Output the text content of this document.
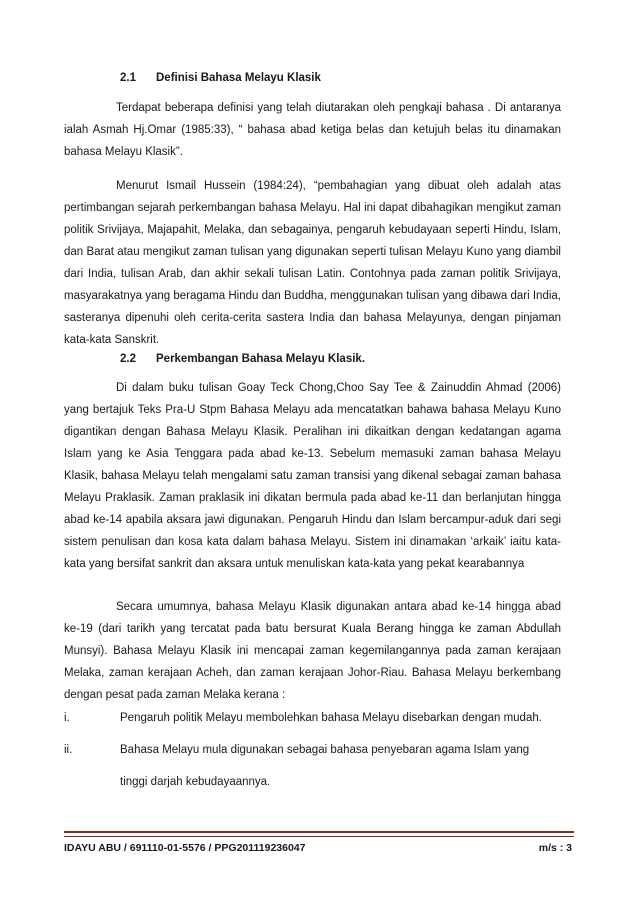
2.1 Definisi Bahasa Melayu Klasik

Terdapat beberapa definisi yang telah diutarakan oleh pengkaji bahasa . Di antaranya ialah Asmah Hj.Omar (1985:33), “ bahasa abad ketiga belas dan ketujuh belas itu dinamakan bahasa Melayu Klasik”.

Menurut Ismail Hussein (1984:24), “pembahagian yang dibuat oleh adalah atas pertimbangan sejarah perkembangan bahasa Melayu. Hal ini dapat dibahagikan mengikut zaman politik Srivijaya, Majapahit, Melaka, dan sebagainya, pengaruh kebudayaan seperti Hindu, Islam, dan Barat atau mengikut zaman tulisan yang digunakan seperti tulisan Melayu Kuno yang diambil dari India, tulisan Arab, dan akhir sekali tulisan Latin. Contohnya pada zaman politik Srivijaya, masyarakatnya yang beragama Hindu dan Buddha, menggunakan tulisan yang dibawa dari India, sasteranya dipenuhi oleh cerita-cerita sastera India dan bahasa Melayunya, dengan pinjaman kata-kata Sanskrit.

2.2 Perkembangan Bahasa Melayu Klasik.

Di dalam buku tulisan Goay Teck Chong,Choo Say Tee & Zainuddin Ahmad (2006) yang bertajuk Teks Pra-U Stpm Bahasa Melayu ada mencatatkan bahawa bahasa Melayu Kuno digantikan dengan Bahasa Melayu Klasik. Peralihan ini dikaitkan dengan kedatangan agama Islam yang ke Asia Tenggara pada abad ke-13. Sebelum memasuki zaman bahasa Melayu Klasik, bahasa Melayu telah mengalami satu zaman transisi yang dikenal sebagai zaman bahasa Melayu Praklasik. Zaman praklasik ini dikatan bermula pada abad ke-11 dan berlanjutan hingga abad ke-14 apabila aksara jawi digunakan. Pengaruh Hindu dan Islam bercampur-aduk dari segi sistem penulisan dan kosa kata dalam bahasa Melayu. Sistem ini dinamakan ‘arkaik’ iaitu kata-kata yang bersifat sankrit dan aksara untuk menuliskan kata-kata yang pekat kearabannya

Secara umumnya, bahasa Melayu Klasik digunakan antara abad ke-14 hingga abad ke-19 (dari tarikh yang tercatat pada batu bersurat Kuala Berang hingga ke zaman Abdullah Munsyi). Bahasa Melayu Klasik ini mencapai zaman kegemilangannya pada zaman kerajaan Melaka, zaman kerajaan Acheh, dan zaman kerajaan Johor-Riau. Bahasa Melayu berkembang dengan pesat pada zaman Melaka kerana :

i.	Pengaruh politik Melayu membolehkan bahasa Melayu disebarkan dengan mudah.
ii.	Bahasa Melayu mula digunakan sebagai bahasa penyebaran agama Islam yang
tinggi darjah kebudayaannya.
IDAYU ABU / 691110-01-5576 / PPG201119236047	m/s : 3
